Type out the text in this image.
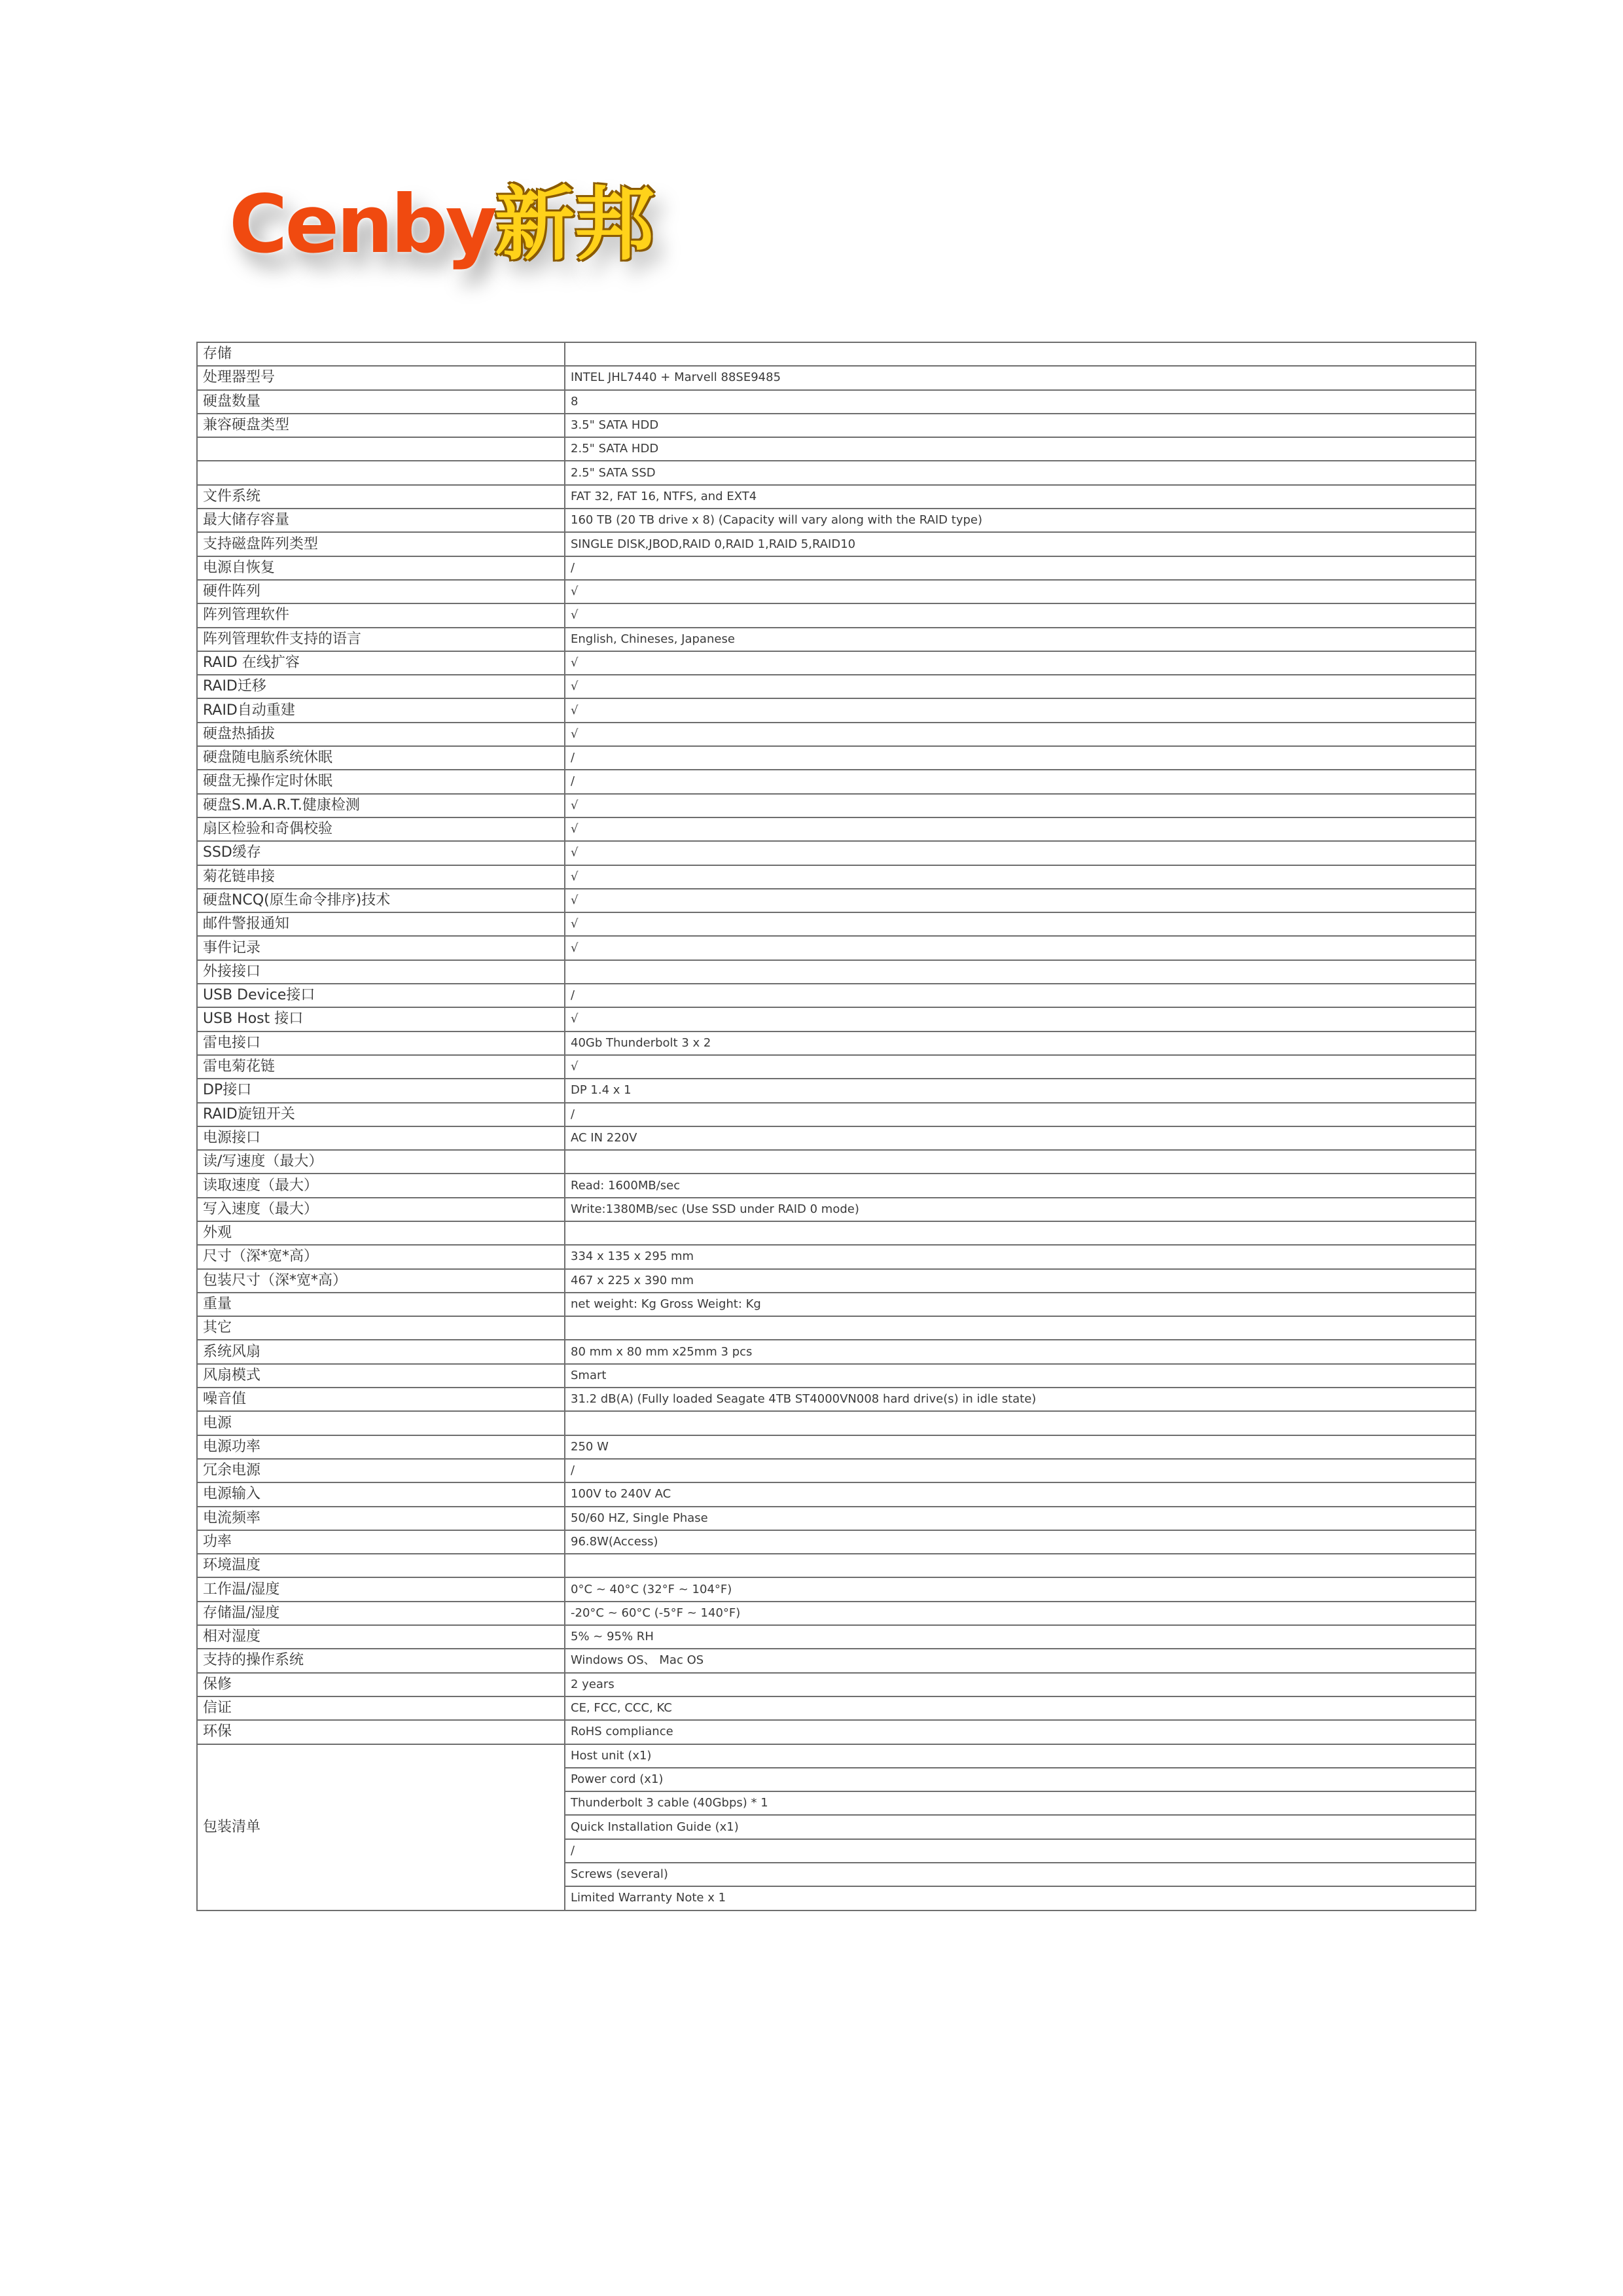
Cenby新邦
存储	
处理器型号	INTEL JHL7440 + Marvell 88SE9485
硬盘数量	8
兼容硬盘类型	3.5" SATA HDD
	2.5" SATA HDD
	2.5" SATA SSD
文件系统	FAT 32, FAT 16, NTFS, and EXT4
最大储存容量	160 TB (20 TB drive x 8) (Capacity will vary along with the RAID type)
支持磁盘阵列类型	SINGLE DISK,JBOD,RAID 0,RAID 1,RAID 5,RAID10
电源自恢复	/
硬件阵列	√
阵列管理软件	√
阵列管理软件支持的语言	English, Chineses, Japanese
RAID 在线扩容	√
RAID迁移	√
RAID自动重建	√
硬盘热插拔	√
硬盘随电脑系统休眠	/
硬盘无操作定时休眠	/
硬盘S.M.A.R.T.健康检测	√
扇区检验和奇偶校验	√
SSD缓存	√
菊花链串接	√
硬盘NCQ(原生命令排序)技术	√
邮件警报通知	√
事件记录	√
外接接口	
USB Device接口	/
USB Host 接口	√
雷电接口	40Gb Thunderbolt 3 x 2
雷电菊花链	√
DP接口	DP 1.4 x 1
RAID旋钮开关	/
电源接口	AC IN 220V
读/写速度（最大）	
读取速度（最大）	Read: 1600MB/sec
写入速度（最大）	Write:1380MB/sec (Use SSD under RAID 0 mode)
外观	
尺寸（深*宽*高）	334 x 135 x 295 mm
包装尺寸（深*宽*高）	467 x 225 x 390 mm
重量	net weight: Kg Gross Weight: Kg
其它	
系统风扇	80 mm x 80 mm x25mm 3 pcs
风扇模式	Smart
噪音值	31.2 dB(A) (Fully loaded Seagate 4TB ST4000VN008 hard drive(s) in idle state)
电源	
电源功率	250 W
冗余电源	/
电源输入	100V to 240V AC
电流频率	50/60 HZ, Single Phase
功率	96.8W(Access)
环境温度	
工作温/湿度	0°C ~ 40°C (32°F ~ 104°F)
存储温/湿度	-20°C ~ 60°C (-5°F ~ 140°F)
相对湿度	5% ~ 95% RH
支持的操作系统	Windows OS、 Mac OS
保修	2 years
信证	CE, FCC, CCC, KC
环保	RoHS compliance
包装清单	Host unit (x1)
	Power cord (x1)
	Thunderbolt 3 cable (40Gbps) * 1
	Quick Installation Guide (x1)
	/
	Screws (several)
	Limited Warranty Note x 1
